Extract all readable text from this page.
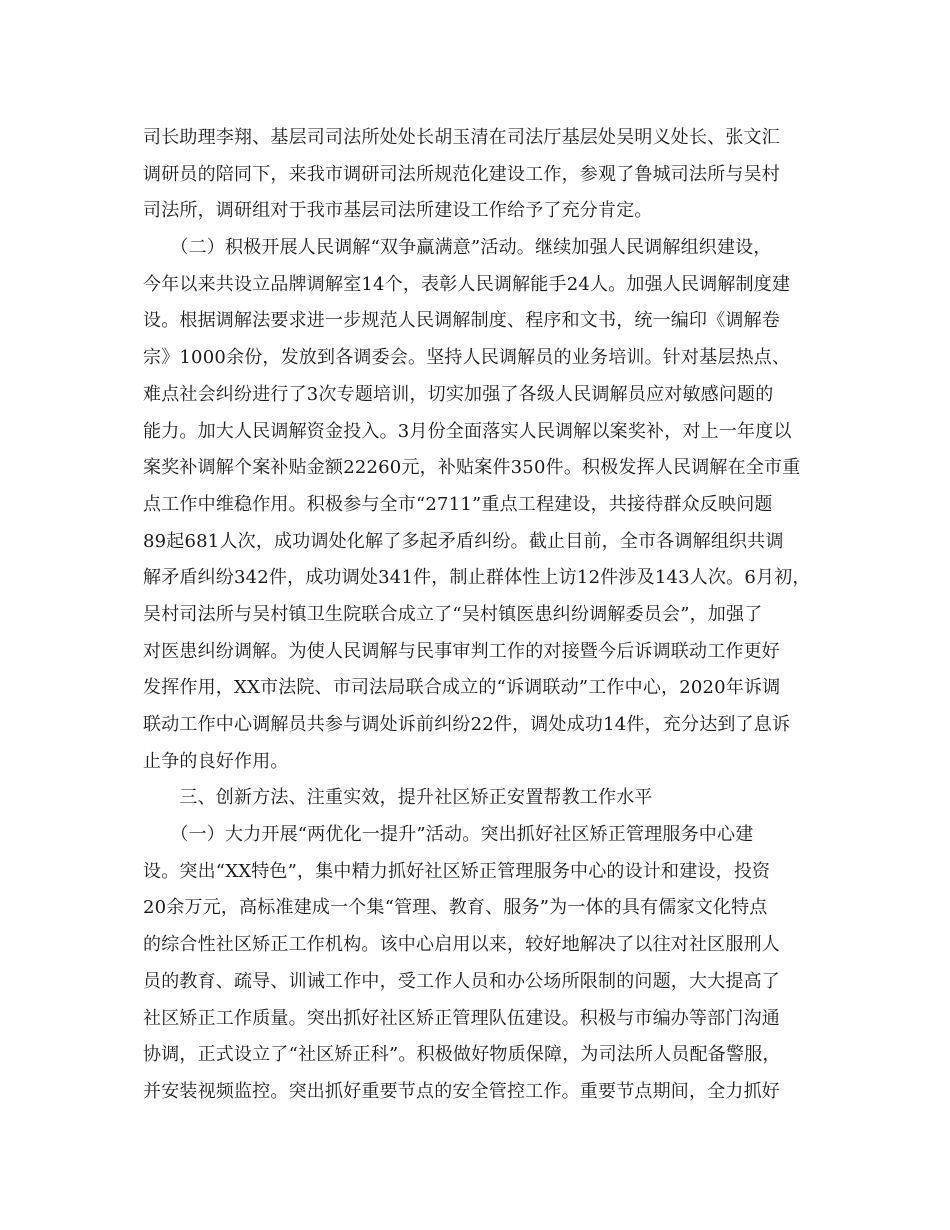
司长助理李翔、基层司司法所处处长胡玉清在司法厅基层处吴明义处长、张文汇
调研员的陪同下，来我市调研司法所规范化建设工作，参观了鲁城司法所与吴村
司法所，调研组对于我市基层司法所建设工作给予了充分肯定。
　　（二）积极开展人民调解“双争赢满意”活动。继续加强人民调解组织建设，
今年以来共设立品牌调解室14个，表彰人民调解能手24人。加强人民调解制度建
设。根据调解法要求进一步规范人民调解制度、程序和文书，统一编印《调解卷
宗》1000余份，发放到各调委会。坚持人民调解员的业务培训。针对基层热点、
难点社会纠纷进行了3次专题培训，切实加强了各级人民调解员应对敏感问题的
能力。加大人民调解资金投入。3月份全面落实人民调解以案奖补，对上一年度以
案奖补调解个案补贴金额22260元，补贴案件350件。积极发挥人民调解在全市重
点工作中维稳作用。积极参与全市“2711”重点工程建设，共接待群众反映问题
89起681人次，成功调处化解了多起矛盾纠纷。截止目前，全市各调解组织共调
解矛盾纠纷342件，成功调处341件，制止群体性上访12件涉及143人次。6月初，
吴村司法所与吴村镇卫生院联合成立了“吴村镇医患纠纷调解委员会”，加强了
对医患纠纷调解。为使人民调解与民事审判工作的对接暨今后诉调联动工作更好
发挥作用，XX市法院、市司法局联合成立的“诉调联动”工作中心，2020年诉调
联动工作中心调解员共参与调处诉前纠纷22件，调处成功14件，充分达到了息诉
止争的良好作用。
　　三、创新方法、注重实效，提升社区矫正安置帮教工作水平
　　（一）大力开展“两优化一提升”活动。突出抓好社区矫正管理服务中心建
设。突出“XX特色”，集中精力抓好社区矫正管理服务中心的设计和建设，投资
20余万元，高标准建成一个集“管理、教育、服务”为一体的具有儒家文化特点
的综合性社区矫正工作机构。该中心启用以来，较好地解决了以往对社区服刑人
员的教育、疏导、训诫工作中，受工作人员和办公场所限制的问题，大大提高了
社区矫正工作质量。突出抓好社区矫正管理队伍建设。积极与市编办等部门沟通
协调，正式设立了“社区矫正科”。积极做好物质保障，为司法所人员配备警服，
并安装视频监控。突出抓好重要节点的安全管控工作。重要节点期间，全力抓好
